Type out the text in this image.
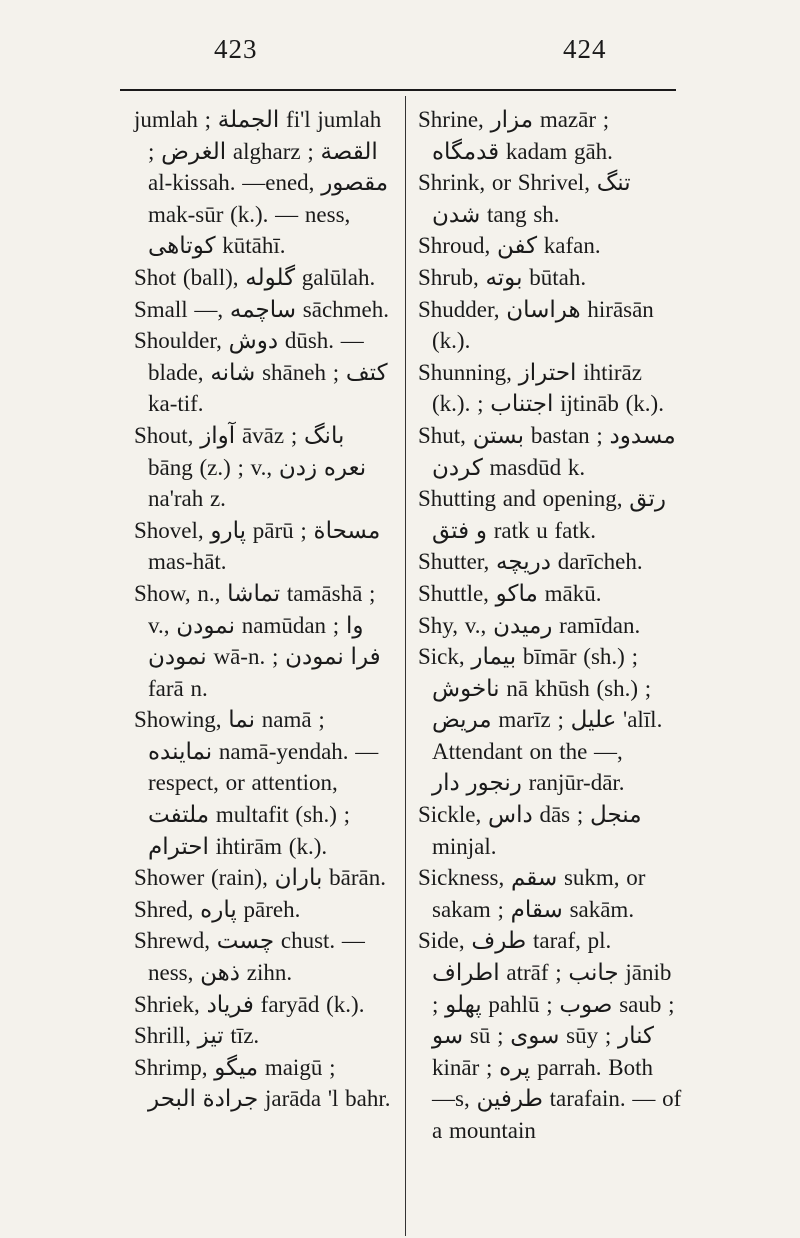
423	424

jumlah ; الجملة fi'l jumlah ; الغرض algharz ; القصة al-kissah. —ened, مقصور mak-sūr (k.). — ness, کوتاهی kūtāhī.

Shot (ball), گلوله galūlah.

Small —, ساچمه sāchmeh.

Shoulder, دوش dūsh. — blade, شانه shāneh ; کتف ka-tif.

Shout, آواز āvāz ; بانگ bāng (z.) ; v., نعره زدن na'rah z.

Shovel, پارو pārū ; مسحاة mas-hāt.

Show, n., تماشا tamāshā ; v., نمودن namūdan ; وا نمودن wā-n. ; فرا نمودن farā n.

Showing, نما namā ; نماینده namā-yendah. — respect, or attention, ملتفت multafit (sh.) ; احترام ihtirām (k.).

Shower (rain), باران bārān.

Shred, پاره pāreh.

Shrewd, چست chust. —ness, ذهن zihn.

Shriek, فریاد faryād (k.).

Shrill, تیز tīz.

Shrimp, میگو maigū ; جرادة البحر jarāda 'l bahr.

Shrine, مزار mazār ; قدمگاه kadam gāh.

Shrink, or Shrivel, تنگ شدن tang sh.

Shroud, کفن kafan.

Shrub, بوته būtah.

Shudder, هراسان hirāsān (k.).

Shunning, احتراز ihtirāz (k.). ; اجتناب ijtināb (k.).

Shut, بستن bastan ; مسدود کردن masdūd k.

Shutting and opening, رتق و فتق ratk u fatk.

Shutter, دریچه darīcheh.

Shuttle, ماکو mākū.

Shy, v., رمیدن ramīdan.

Sick, بیمار bīmār (sh.) ; ناخوش nā khūsh (sh.) ; مریض marīz ; علیل 'alīl. Attendant on the —, رنجور دار ranjūr-dār.

Sickle, داس dās ; منجل minjal.

Sickness, سقم sukm, or sakam ; سقام sakām.

Side, طرف taraf, pl. اطراف atrāf ; جانب jānib ; پهلو pahlū ; صوب saub ; سو sū ; سوی sūy ; کنار kinār ; پره parrah. Both —s, طرفین tarafain. — of a mountain
